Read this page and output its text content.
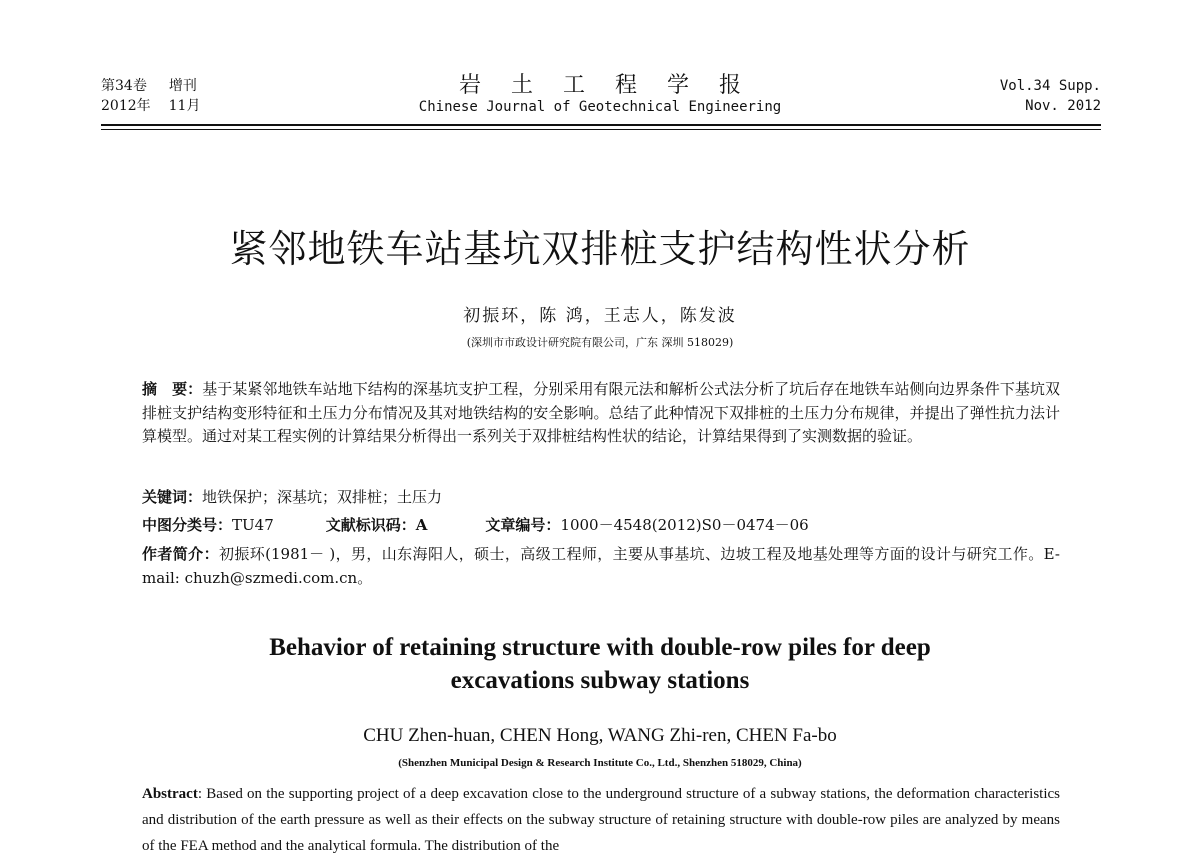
第34卷 增刊
2012年 11月
岩土工程学报
Chinese Journal of Geotechnical Engineering
Vol.34 Supp.
Nov. 2012
紧邻地铁车站基坑双排桩支护结构性状分析
初振环，陈 鸿，王志人，陈发波
(深圳市市政设计研究院有限公司，广东 深圳 518029)
摘　要：基于某紧邻地铁车站地下结构的深基坑支护工程，分别采用有限元法和解析公式法分析了坑后存在地铁车站侧向边界条件下基坑双排桩支护结构变形特征和土压力分布情况及其对地铁结构的安全影响。总结了此种情况下双排桩的土压力分布规律，并提出了弹性抗力法计算模型。通过对某工程实例的计算结果分析得出一系列关于双排桩结构性状的结论，计算结果得到了实测数据的验证。
关键词：地铁保护；深基坑；双排桩；土压力
中图分类号：TU47	文献标识码：A	文章编号：1000－4548(2012)S0－0474－06
作者简介：初振环(1981－ )，男，山东海阳人，硕士，高级工程师，主要从事基坑、边坡工程及地基处理等方面的设计与研究工作。E-mail: chuzh@szmedi.com.cn。
Behavior of retaining structure with double-row piles for deep
excavations subway stations
CHU Zhen-huan, CHEN Hong, WANG Zhi-ren, CHEN Fa-bo
(Shenzhen Municipal Design & Research Institute Co., Ltd., Shenzhen 518029, China)
Abstract: Based on the supporting project of a deep excavation close to the underground structure of a subway stations, the deformation characteristics and distribution of the earth pressure as well as their effects on the subway structure of retaining structure with double-row piles are analyzed by means of the FEA method and the analytical formula. The distribution of the
